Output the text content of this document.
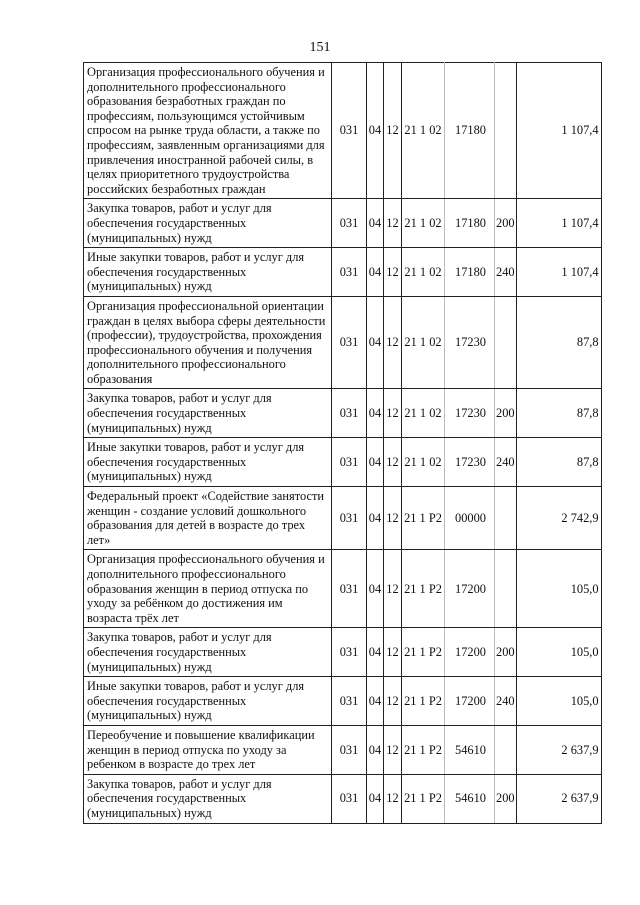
151
Организация профессионального обучения и дополнительного профессионального образования безработных граждан по профессиям, пользующимся устойчивым спросом на рынке труда области, а также по профессиям, заявленным организациями для привлечения иностранной рабочей силы, в целях приоритетного трудоустройства российских безработных граждан	031	04	12	21 1 02	17180		1 107,4
Закупка товаров, работ и услуг для обеспечения государственных (муниципальных) нужд	031	04	12	21 1 02	17180	200	1 107,4
Иные закупки товаров, работ и услуг для обеспечения государственных (муниципальных) нужд	031	04	12	21 1 02	17180	240	1 107,4
Организация профессиональной ориентации граждан в целях выбора сферы деятельности (профессии), трудоустройства, прохождения профессионального обучения и получения дополнительного профессионального образования	031	04	12	21 1 02	17230		87,8
Закупка товаров, работ и услуг для обеспечения государственных (муниципальных) нужд	031	04	12	21 1 02	17230	200	87,8
Иные закупки товаров, работ и услуг для обеспечения государственных (муниципальных) нужд	031	04	12	21 1 02	17230	240	87,8
Федеральный проект «Содействие занятости женщин - создание условий дошкольного образования для детей в возрасте до трех лет»	031	04	12	21 1 P2	00000		2 742,9
Организация профессионального обучения и дополнительного профессионального образования женщин в период отпуска по уходу за ребёнком до достижения им возраста трёх лет	031	04	12	21 1 P2	17200		105,0
Закупка товаров, работ и услуг для обеспечения государственных (муниципальных) нужд	031	04	12	21 1 P2	17200	200	105,0
Иные закупки товаров, работ и услуг для обеспечения государственных (муниципальных) нужд	031	04	12	21 1 P2	17200	240	105,0
Переобучение и повышение квалификации женщин в период отпуска по уходу за ребенком в возрасте до трех лет	031	04	12	21 1 P2	54610		2 637,9
Закупка товаров, работ и услуг для обеспечения государственных (муниципальных) нужд	031	04	12	21 1 P2	54610	200	2 637,9
